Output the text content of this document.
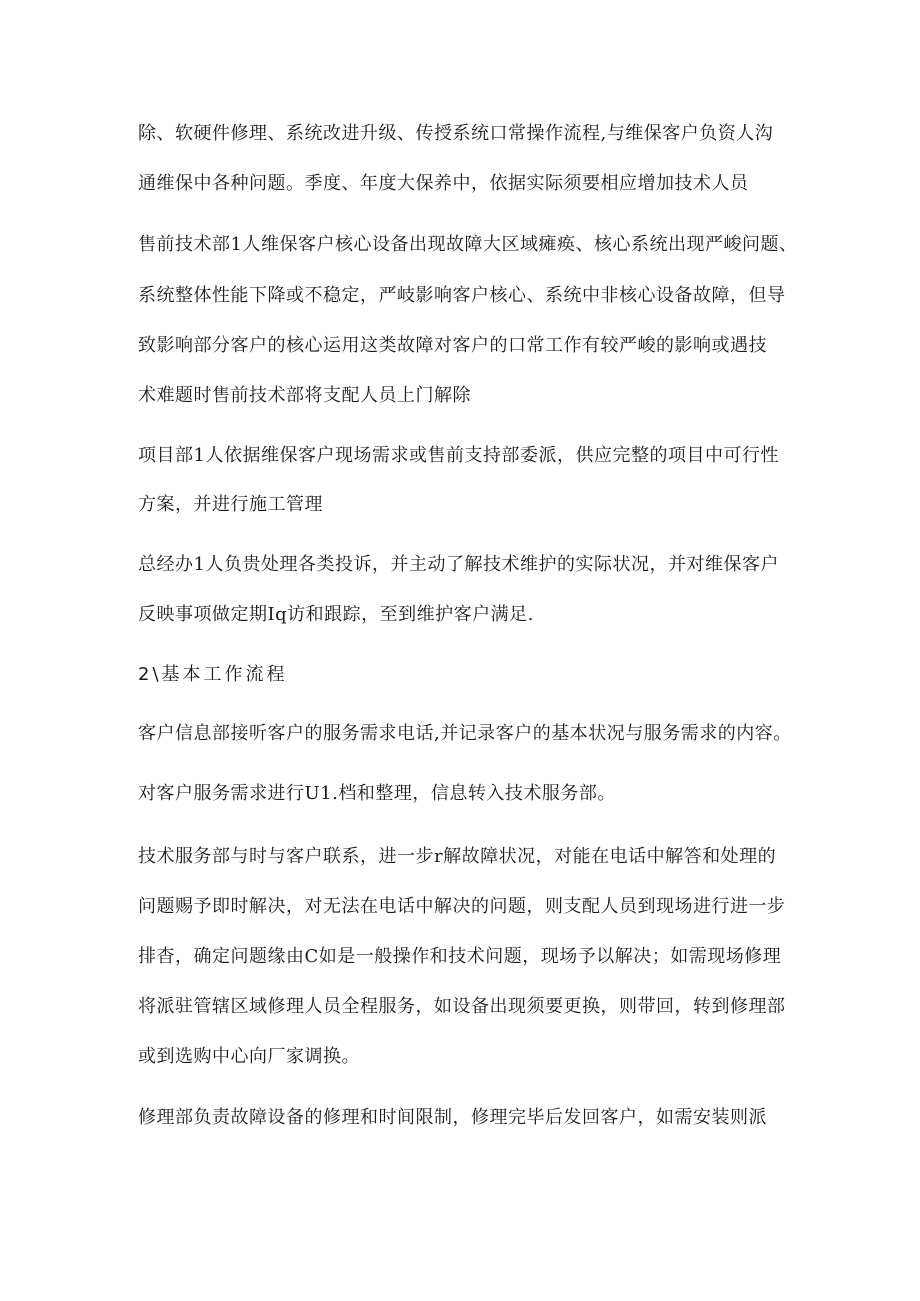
除、软硬件修理、系统改进升级、传授系统口常操作流程,与维保客户负资人沟
通维保中各种问题。季度、年度大保养中，依据实际须要相应增加技术人员
售前技术部1人维保客户核心设备出现故障大区域瘫痪、核心系统出现严峻问题、
系统整体性能下降或不稳定，严岐影响客户核心、系统中非核心设备故障，但导
致影响部分客户的核心运用这类故障对客户的口常工作有较严峻的影响或遇技
术难题时售前技术部将支配人员上门解除
项目部1人依据维保客户现场需求或售前支持部委派，供应完整的项目中可行性
方案，并进行施工管理
总经办1人负贵处理各类投诉，并主动了解技术维护的实际状况，并对维保客户
反映事项做定期Iq访和跟踪，至到维护客户满足.
2\基本工作流程
客户信息部接听客户的服务需求电话,并记录客户的基本状况与服务需求的内容。
对客户服务需求进行U1.档和整理，信息转入技术服务部。
技术服务部与时与客户联系，进一步r解故障状况，对能在电话中解答和处理的
问题赐予即时解决，对无法在电话中解决的问题，则支配人员到现场进行进一步
排杳，确定问题缘由C如是一般操作和技术问题，现场予以解决；如需现场修理
将派驻管辖区域修理人员全程服务，如设备出现须要更换，则带回，转到修理部
或到选购中心向厂家调换。
修理部负责故障设备的修理和时间限制，修理完毕后发回客户，如需安装则派
